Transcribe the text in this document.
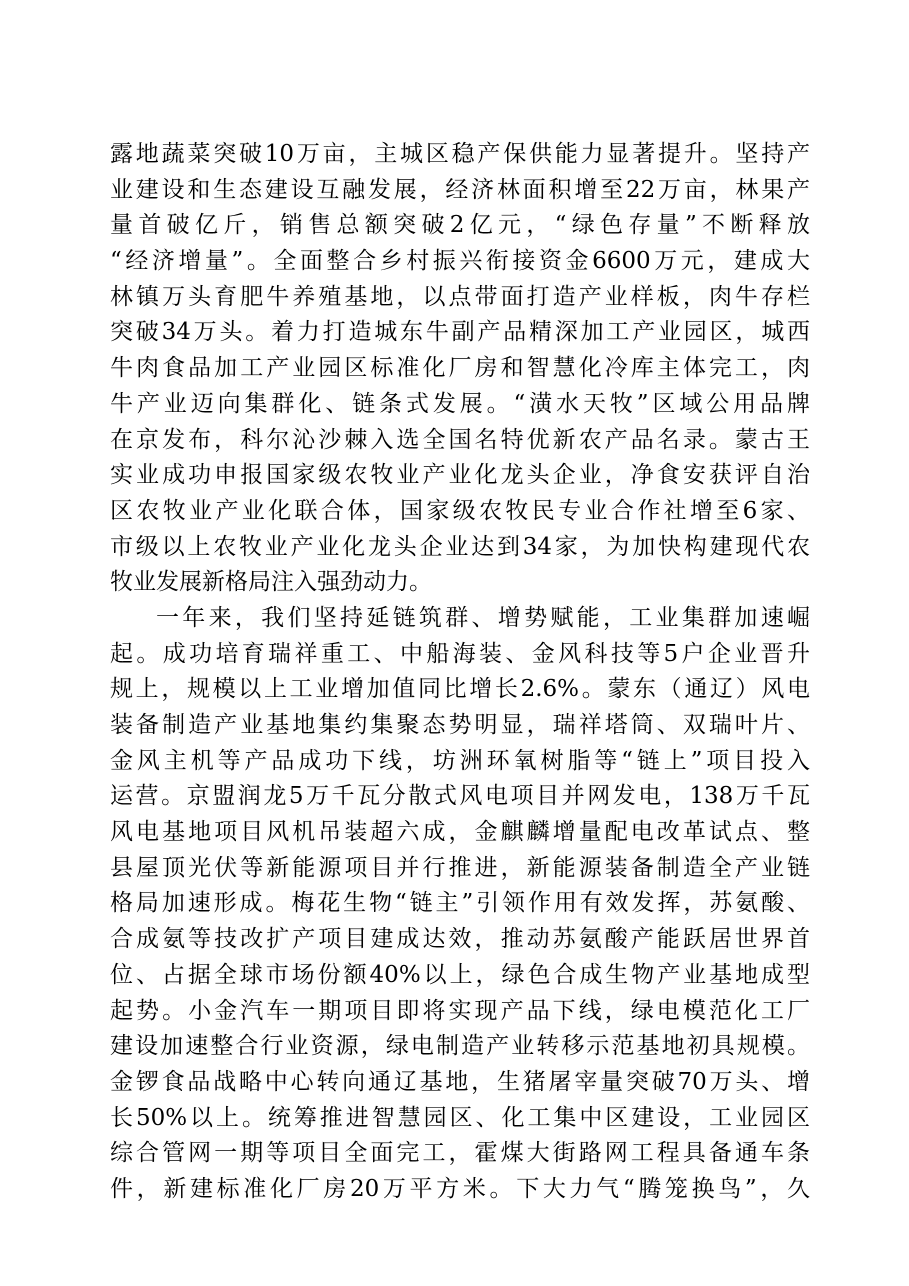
露地蔬菜突破10万亩，主城区稳产保供能力显著提升。坚持产
业建设和生态建设互融发展，经济林面积增至22万亩，林果产
量首破亿斤，销售总额突破2亿元，“绿色存量”不断释放
“经济增量”。全面整合乡村振兴衔接资金6600万元，建成大
林镇万头育肥牛养殖基地，以点带面打造产业样板，肉牛存栏
突破34万头。着力打造城东牛副产品精深加工产业园区，城西
牛肉食品加工产业园区标准化厂房和智慧化冷库主体完工，肉
牛产业迈向集群化、链条式发展。“潢水天牧”区域公用品牌
在京发布，科尔沁沙棘入选全国名特优新农产品名录。蒙古王
实业成功申报国家级农牧业产业化龙头企业，净食安获评自治
区农牧业产业化联合体，国家级农牧民专业合作社增至6家、
市级以上农牧业产业化龙头企业达到34家，为加快构建现代农
牧业发展新格局注入强劲动力。
一年来，我们坚持延链筑群、增势赋能，工业集群加速崛
起。成功培育瑞祥重工、中船海装、金风科技等5户企业晋升
规上，规模以上工业增加值同比增长2.6%。蒙东（通辽）风电
装备制造产业基地集约集聚态势明显，瑞祥塔筒、双瑞叶片、
金风主机等产品成功下线，坊洲环氧树脂等“链上”项目投入
运营。京盟润龙5万千瓦分散式风电项目并网发电，138万千瓦
风电基地项目风机吊装超六成，金麒麟增量配电改革试点、整
县屋顶光伏等新能源项目并行推进，新能源装备制造全产业链
格局加速形成。梅花生物“链主”引领作用有效发挥，苏氨酸、
合成氨等技改扩产项目建成达效，推动苏氨酸产能跃居世界首
位、占据全球市场份额40%以上，绿色合成生物产业基地成型
起势。小金汽车一期项目即将实现产品下线，绿电模范化工厂
建设加速整合行业资源，绿电制造产业转移示范基地初具规模。
金锣食品战略中心转向通辽基地，生猪屠宰量突破70万头、增
长50%以上。统筹推进智慧园区、化工集中区建设，工业园区
综合管网一期等项目全面完工，霍煤大街路网工程具备通车条
件，新建标准化厂房20万平方米。下大力气“腾笼换鸟”，久
